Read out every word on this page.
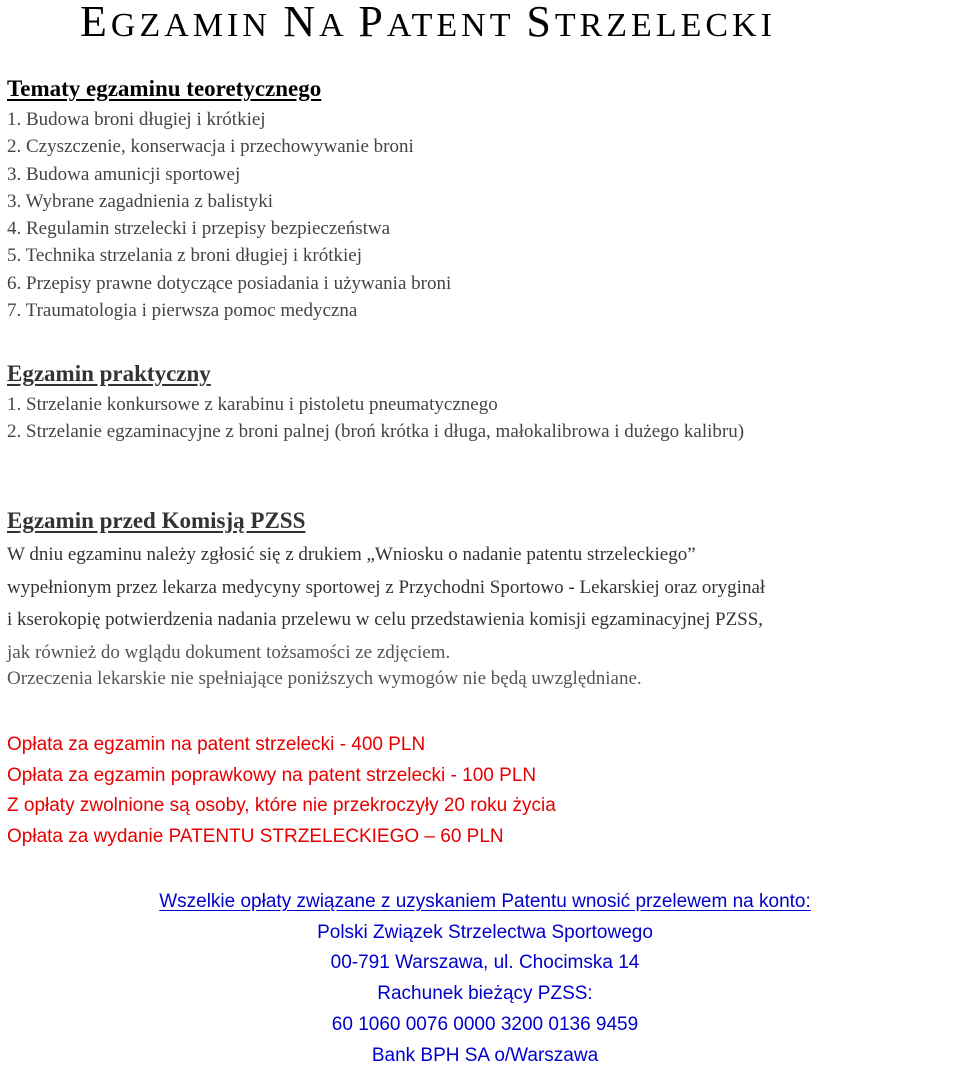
EGZAMIN NA PATENT STRZELECKI
Tematy egzaminu teoretycznego
1. Budowa broni długiej i krótkiej
2. Czyszczenie, konserwacja i przechowywanie broni
3. Budowa amunicji sportowej
3. Wybrane zagadnienia z balistyki
4. Regulamin strzelecki i przepisy bezpieczeństwa
5. Technika strzelania z broni długiej i krótkiej
6. Przepisy prawne dotyczące posiadania i używania broni
7. Traumatologia i pierwsza pomoc medyczna
Egzamin praktyczny
1. Strzelanie konkursowe z karabinu i pistoletu pneumatycznego
2. Strzelanie egzaminacyjne z broni palnej (broń krótka i długa, małokalibrowa i dużego kalibru)
Egzamin przed Komisją PZSS
W dniu egzaminu należy zgłosić się z drukiem „Wniosku o nadanie patentu strzeleckiego”
wypełnionym przez lekarza medycyny sportowej z Przychodni Sportowo - Lekarskiej oraz oryginał
i kserokopię potwierdzenia nadania przelewu w celu przedstawienia komisji egzaminacyjnej PZSS,
jak również do wglądu dokument tożsamości ze zdjęciem.

Orzeczenia lekarskie nie spełniające poniższych wymogów nie będą uwzględniane.

Opłata za egzamin na patent strzelecki - 400 PLN
Opłata za egzamin poprawkowy na patent strzelecki - 100 PLN
Z opłaty zwolnione są osoby, które nie przekroczyły 20 roku życia
Opłata za wydanie PATENTU STRZELECKIEGO – 60 PLN
Wszelkie opłaty związane z uzyskaniem Patentu wnosić przelewem na konto:
Polski Związek Strzelectwa Sportowego
00-791 Warszawa, ul. Chocimska 14
Rachunek bieżący PZSS:
60 1060 0076 0000 3200 0136 9459
Bank BPH SA o/Warszawa
